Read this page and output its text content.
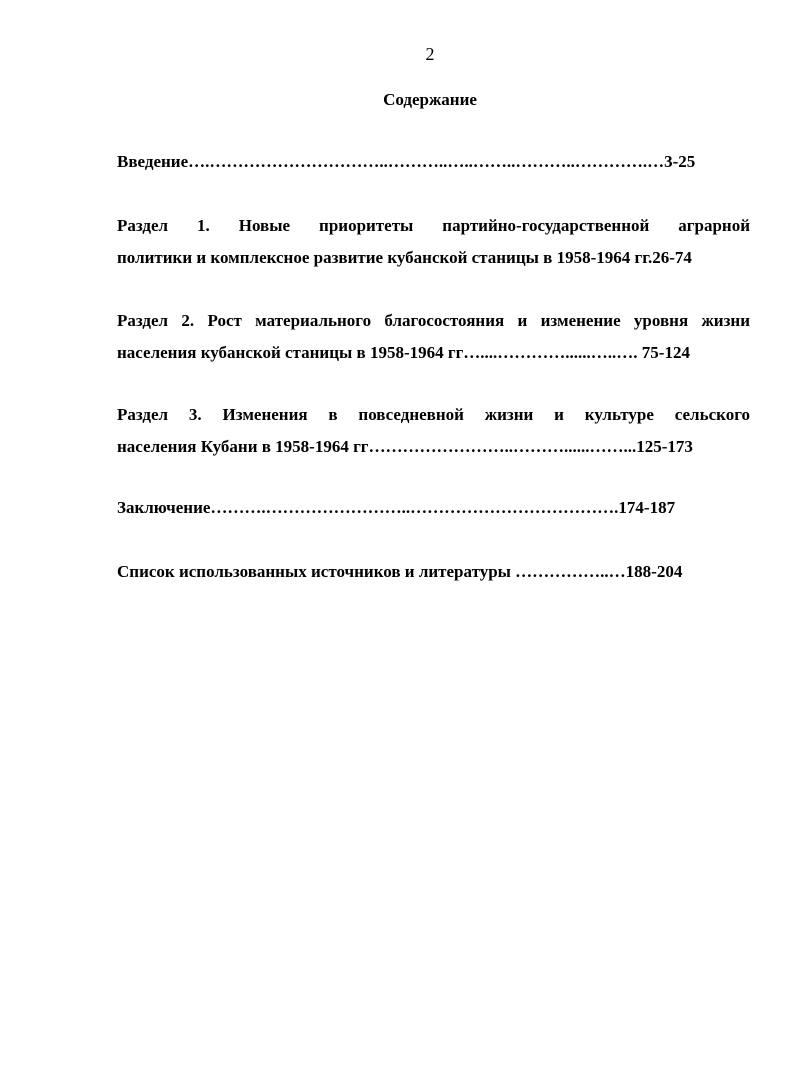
2
Содержание
Введение….…………………………..………..…..……..………..………….…3-25
Раздел 1. Новые приоритеты партийно-государственной аграрной
политики и комплексное развитие кубанской станицы в 1958-1964 гг.26-74
Раздел 2. Рост материального благосостояния и изменение уровня жизни
населения кубанской станицы в 1958-1964 гг…....…………......…..…. 75-124
Раздел 3. Изменения в повседневной жизни и культуре сельского
населения Кубани в 1958-1964 гг……………………..………......……...125-173
Заключение……….……………………..……………………………….174-187
Список использованных источников и литературы ……………..…188-204
